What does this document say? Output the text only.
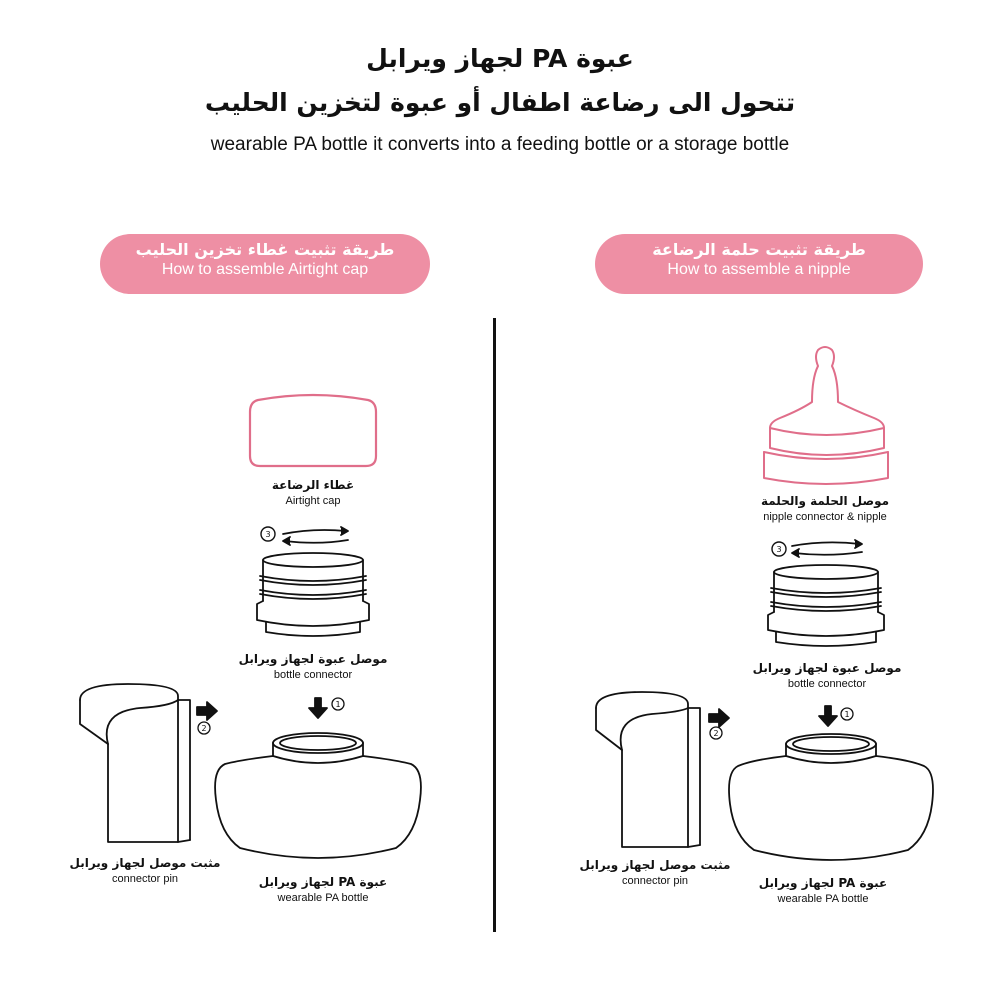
عبوة PA لجهاز ويرابل
تتحول الى رضاعة اطفال أو عبوة لتخزين الحليب
wearable PA bottle it converts into a feeding bottle or a storage bottle
طريقة تثبيت غطاء تخزين الحليب
How to assemble Airtight cap
طريقة تثبيت حلمة الرضاعة
How to assemble a nipple
3
1
2
3
1
2
غطاء الرضاعة
Airtight cap
موصل عبوة لجهاز ويرابل
bottle connector
مثبت موصل لجهاز ويرابل
connector pin	عبوة PA لجهاز ويرابل
wearable PA bottle
موصل الحلمة والحلمة
nipple connector & nipple
موصل عبوة لجهاز ويرابل
bottle connector
مثبت موصل لجهاز ويرابل
connector pin	عبوة PA لجهاز ويرابل
wearable PA bottle
